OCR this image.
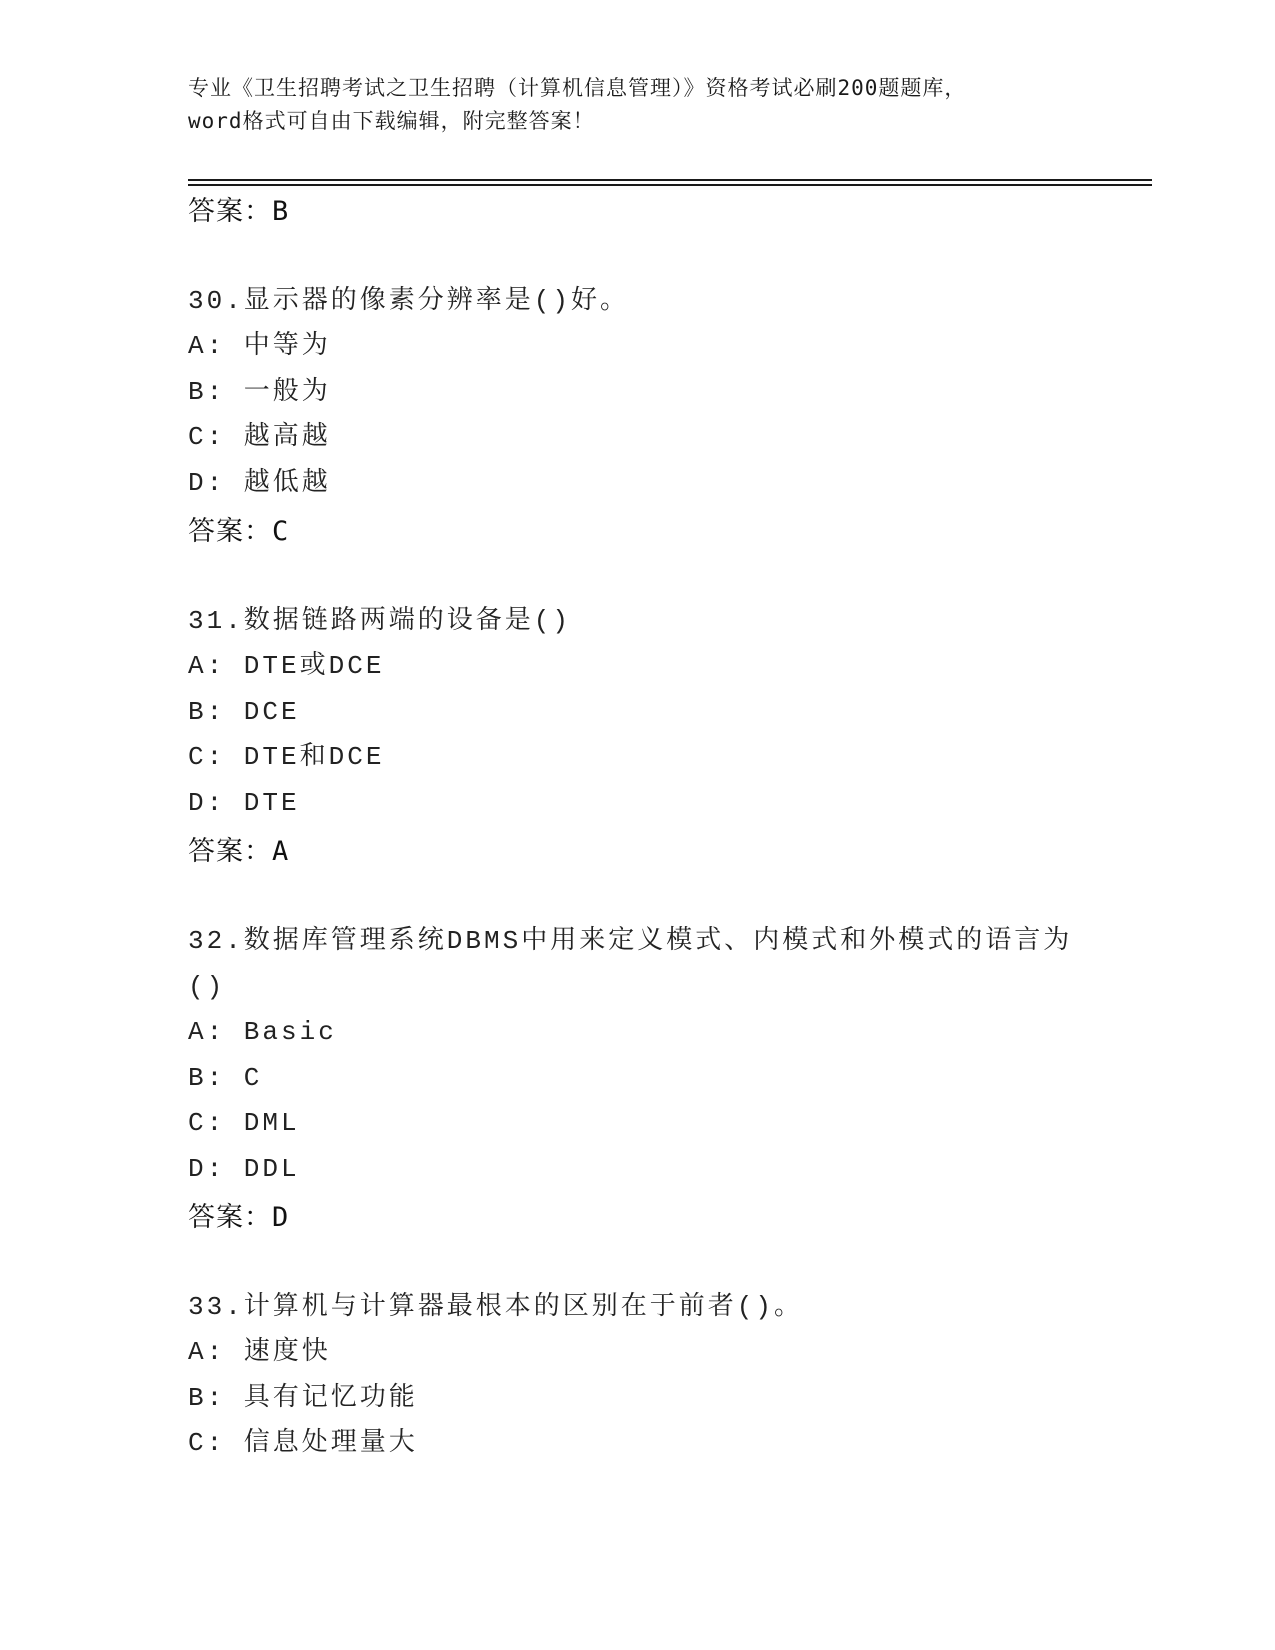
专业《卫生招聘考试之卫生招聘（计算机信息管理）》资格考试必刷200题题库，
word格式可自由下载编辑，附完整答案！
答案：B
30.显示器的像素分辨率是()好。
A: 中等为
B: 一般为
C: 越高越
D: 越低越
答案：C
31.数据链路两端的设备是()
A: DTE或DCE
B: DCE
C: DTE和DCE
D: DTE
答案：A
32.数据库管理系统DBMS中用来定义模式、内模式和外模式的语言为
()
A: Basic
B: C
C: DML
D: DDL
答案：D
33.计算机与计算器最根本的区别在于前者()。
A: 速度快
B: 具有记忆功能
C: 信息处理量大
